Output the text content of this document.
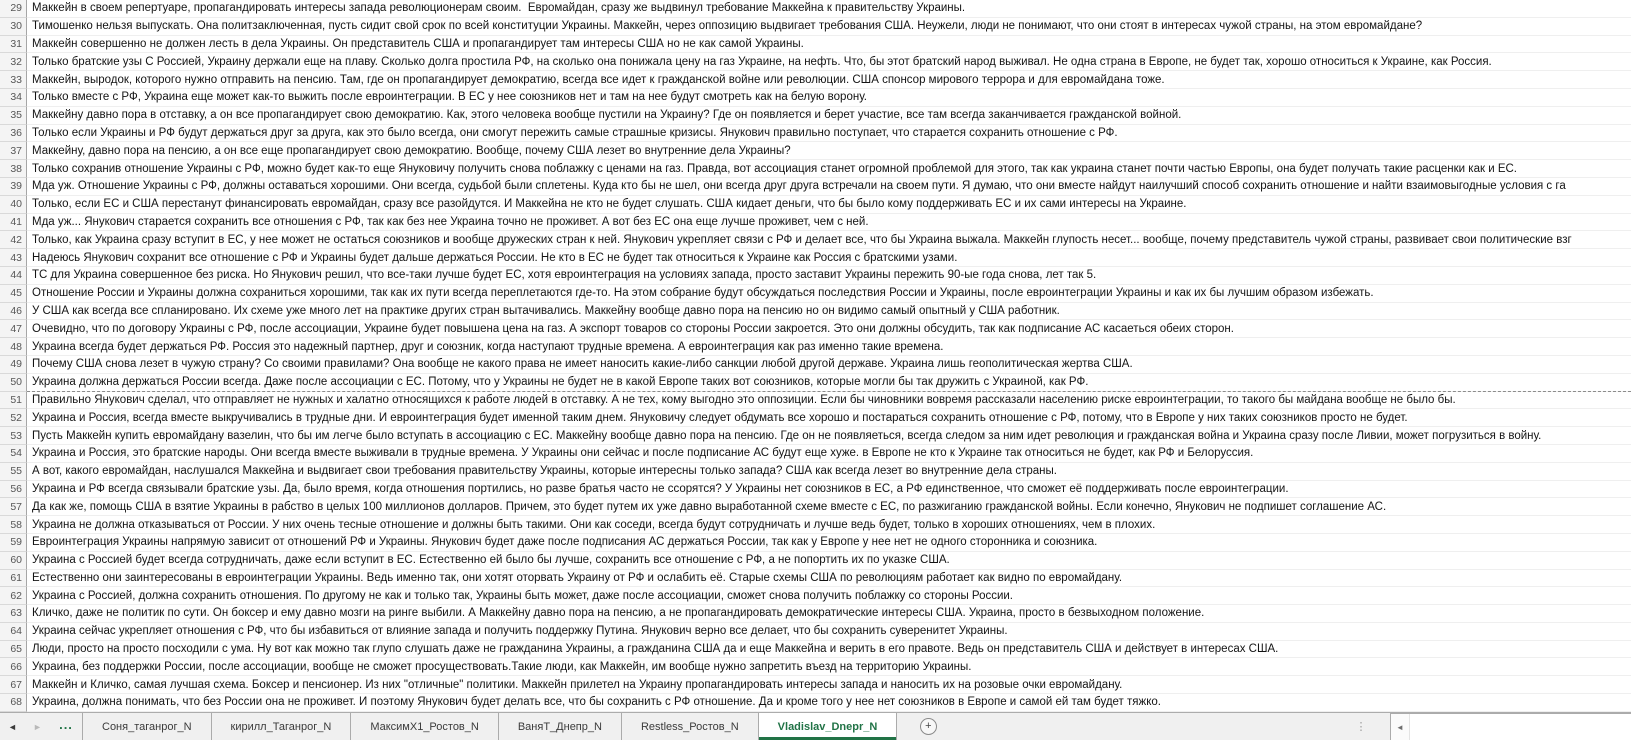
29 Маккейн в своем репертуаре, пропагандировать интересы запада революционерам своим.  Евромайдан, сразу же выдвинул требование Маккейна к правительству Украины.
30 Тимошенко нельзя выпускать. Она политзаключенная, пусть сидит свой срок по всей конституции Украины. Маккейн, через оппозицию выдвигает требования США. Неужели, люди не понимают, что они стоят в интересах чужой страны, на этом евромайдане?
31 Маккейн совершенно не должен лесть в дела Украины. Он представитель США и пропагандирует там интересы США но не как самой Украины.
32 Только братские узы С Россией, Украину держали еще на плаву. Сколько долга простила РФ, на сколько она понижала цену на газ Украине, на нефть. Что, бы этот братский народ выживал. Не одна страна в Европе, не будет так, хорошо относиться к Украине, как Россия.
33 Маккейн, выродок, которого нужно отправить на пенсию. Там, где он пропагандирует демократию, всегда все идет к гражданской войне или революции. США спонсор мирового террора и для евромайдана тоже.
34 Только вместе с РФ, Украина еще может как-то выжить после евроинтеграции. В ЕС у нее союзников нет и там на нее будут смотреть как на белую ворону.
35 Маккейну давно пора в отставку, а он все пропагандирует свою демократию. Как, этого человека вообще пустили на Украину? Где он появляется и берет участие, все там всегда заканчивается гражданской войной.
36 Только если Украины и РФ будут держаться друг за друга, как это было всегда, они смогут пережить самые страшные кризисы. Янукович правильно поступает, что старается сохранить отношение с РФ.
37 Маккейну, давно пора на пенсию, а он все еще пропагандирует свою демократию. Вообще, почему США лезет во внутренние дела Украины?
38 Только сохранив отношение Украины с РФ, можно будет как-то еще Януковичу получить снова поблажку с ценами на газ. Правда, вот ассоциация станет огромной проблемой для этого, так как украина станет почти частью Европы, она будет получать такие расценки как и ЕС.
39 Мда уж. Отношение Украины с РФ, должны оставаться хорошими. Они всегда, судьбой были сплетены. Куда кто бы не шел, они всегда друг друга встречали на своем пути. Я думаю, что они вместе найдут наилучший способ сохранить отношение и найти взаимовыгодные условия с га
40 Только, если ЕС и США перестанут финансировать евромайдан, сразу все разойдутся. И Маккейна не кто не будет слушать. США кидает деньги, что бы было кому поддерживать ЕС и их сами интересы на Украине.
41 Мда уж... Янукович старается сохранить все отношения с РФ, так как без нее Украина точно не проживет. А вот без ЕС она еще лучше проживет, чем с ней.
42 Только, как Украина сразу вступит в ЕС, у нее может не остаться союзников и вообще дружеских стран к ней. Янукович укрепляет связи с РФ и делает все, что бы Украина выжала. Маккейн глупость несет... вообще, почему представитель чужой страны, развивает свои политические взг
43 Надеюсь Янукович сохранит все отношение с РФ и Украины будет дальше держаться России. Не кто в ЕС не будет так относиться к Украине как Россия с братскими узами.
44 ТС для Украина совершенное без риска. Но Янукович решил, что все-таки лучше будет ЕС, хотя евроинтеграция на условиях запада, просто заставит Украины пережить 90-ые года снова, лет так 5.
45 Отношение России и Украины должна сохраниться хорошими, так как их пути всегда переплетаются где-то. На этом собрание будут обсуждаться последствия России и Украины, после евроинтеграции Украины и как их бы лучшим образом избежать.
46 У США как всегда все спланировано. Их схеме уже много лет на практике других стран вытачивались. Маккейну вообще давно пора на пенсию но он видимо самый опытный у США работник.
47 Очевидно, что по договору Украины с РФ, после ассоциации, Украине будет повышена цена на газ. А экспорт товаров со стороны России закроется. Это они должны обсудить, так как подписание АС касаеться обеих сторон.
48 Украина всегда будет держаться РФ. Россия это надежный партнер, друг и союзник, когда наступают трудные времена. А евроинтеграция как раз именно такие времена.
49 Почему США снова лезет в чужую страну? Со своими правилами? Она вообще не какого права не имеет наносить какие-либо санкции любой другой державе. Украина лишь геополитическая жертва США.
50 Украина должна держаться России всегда. Даже после ассоциации с ЕС. Потому, что у Украины не будет не в какой Европе таких вот союзников, которые могли бы так дружить с Украиной, как РФ.
51 Правильно Янукович сделал, что отправляет не нужных и халатно относящихся к работе людей в отставку. А не тех, кому выгодно это оппозиции. Если бы чиновники вовремя рассказали населению риске евроинтеграции, то такого бы майдана вообще не было бы.
52 Украина и Россия, всегда вместе выкручивались в трудные дни. И евроинтеграция будет именной таким днем. Януковичу следует обдумать все хорошо и постараться сохранить отношение с РФ, потому, что в Европе у них таких союзников просто не будет.
53 Пусть Маккейн купить евромайдану вазелин, что бы им легче было вступать в ассоциацию с ЕС. Маккейну вообще давно пора на пенсию. Где он не появляеться, всегда следом за ним идет революция и гражданская война и Украина сразу после Ливии, может погрузиться в войну.
54 Украина и Россия, это братские народы. Они всегда вместе выживали в трудные времена. У Украины они сейчас и после подписание АС будут еще хуже. в Европе не кто к Украине так относиться не будет, как РФ и Белоруссия.
55 А вот, какого евромайдан, наслушался Маккейна и выдвигает свои требования правительству Украины, которые интересны только запада? США как всегда лезет во внутренние дела страны.
56 Украина и РФ всегда связывали братские узы. Да, было время, когда отношения портились, но разве братья часто не ссорятся? У Украины нет союзников в ЕС, а РФ единственное, что сможет её поддерживать после евроинтеграции.
57 Да как же, помощь США в взятие Украины в рабство в целых 100 миллионов долларов. Причем, это будет путем их уже давно выработанной схеме вместе с ЕС, по разжиганию гражданской войны. Если конечно, Янукович не подпишет соглашение АС.
58 Украина не должна отказываться от России. У них очень тесные отношение и должны быть такими. Они как соседи, всегда будут сотрудничать и лучше ведь будет, только в хороших отношениях, чем в плохих.
59 Евроинтеграция Украины напрямую зависит от отношений РФ и Украины. Янукович будет даже после подписания АС держаться России, так как у Европе у нее нет не одного сторонника и союзника.
60 Украина с Россией будет всегда сотрудничать, даже если вступит в ЕС. Естественно ей было бы лучше, сохранить все отношение с РФ, а не попортить их по указке США.
61 Естественно они заинтересованы в евроинтеграции Украины. Ведь именно так, они хотят оторвать Украину от РФ и ослабить её. Старые схемы США по революциям работает как видно по евромайдану.
62 Украина с Россией, должна сохранить отношения. По другому не как и только так, Украины быть может, даже после ассоциации, сможет снова получить поблажку со стороны России.
63 Кличко, даже не политик по сути. Он боксер и ему давно мозги на ринге выбили. А Маккейну давно пора на пенсию, а не пропагандировать демократические интересы США. Украина, просто в безвыходном положение.
64 Украина сейчас укрепляет отношения с РФ, что бы избавиться от влияние запада и получить поддержку Путина. Янукович верно все делает, что бы сохранить суверенитет Украины.
65 Люди, просто на просто посходили с ума. Ну вот как можно так глупо слушать даже не гражданина Украины, а гражданина США да и еще Маккейна и верить в его правоте. Ведь он представитель США и действует в интересах США.
66 Украина, без поддержки России, после ассоциации, вообще не сможет просуществовать.Такие люди, как Маккейн, им вообще нужно запретить въезд на территорию Украины.
67 Маккейн и Кличко, самая лучшая схема. Боксер и пенсионер. Из них "отличные" политики. Маккейн прилетел на Украину пропагандировать интересы запада и наносить их на розовые очки евромайдану.
68 Украина, должна понимать, что без России она не проживет. И поэтому Янукович будет делать все, что бы сохранить с РФ отношение. Да и кроме того у нее нет союзников в Европе и самой ей там будет тяжко.
◄	►	...	Соня_таганрог_N	кирилл_Таганрог_N	МаксимХ1_Ростов_N	ВаняТ_Днепр_N	Restless_Ростов_N	Vladislav_Dnepr_N	+	⋮	◄
